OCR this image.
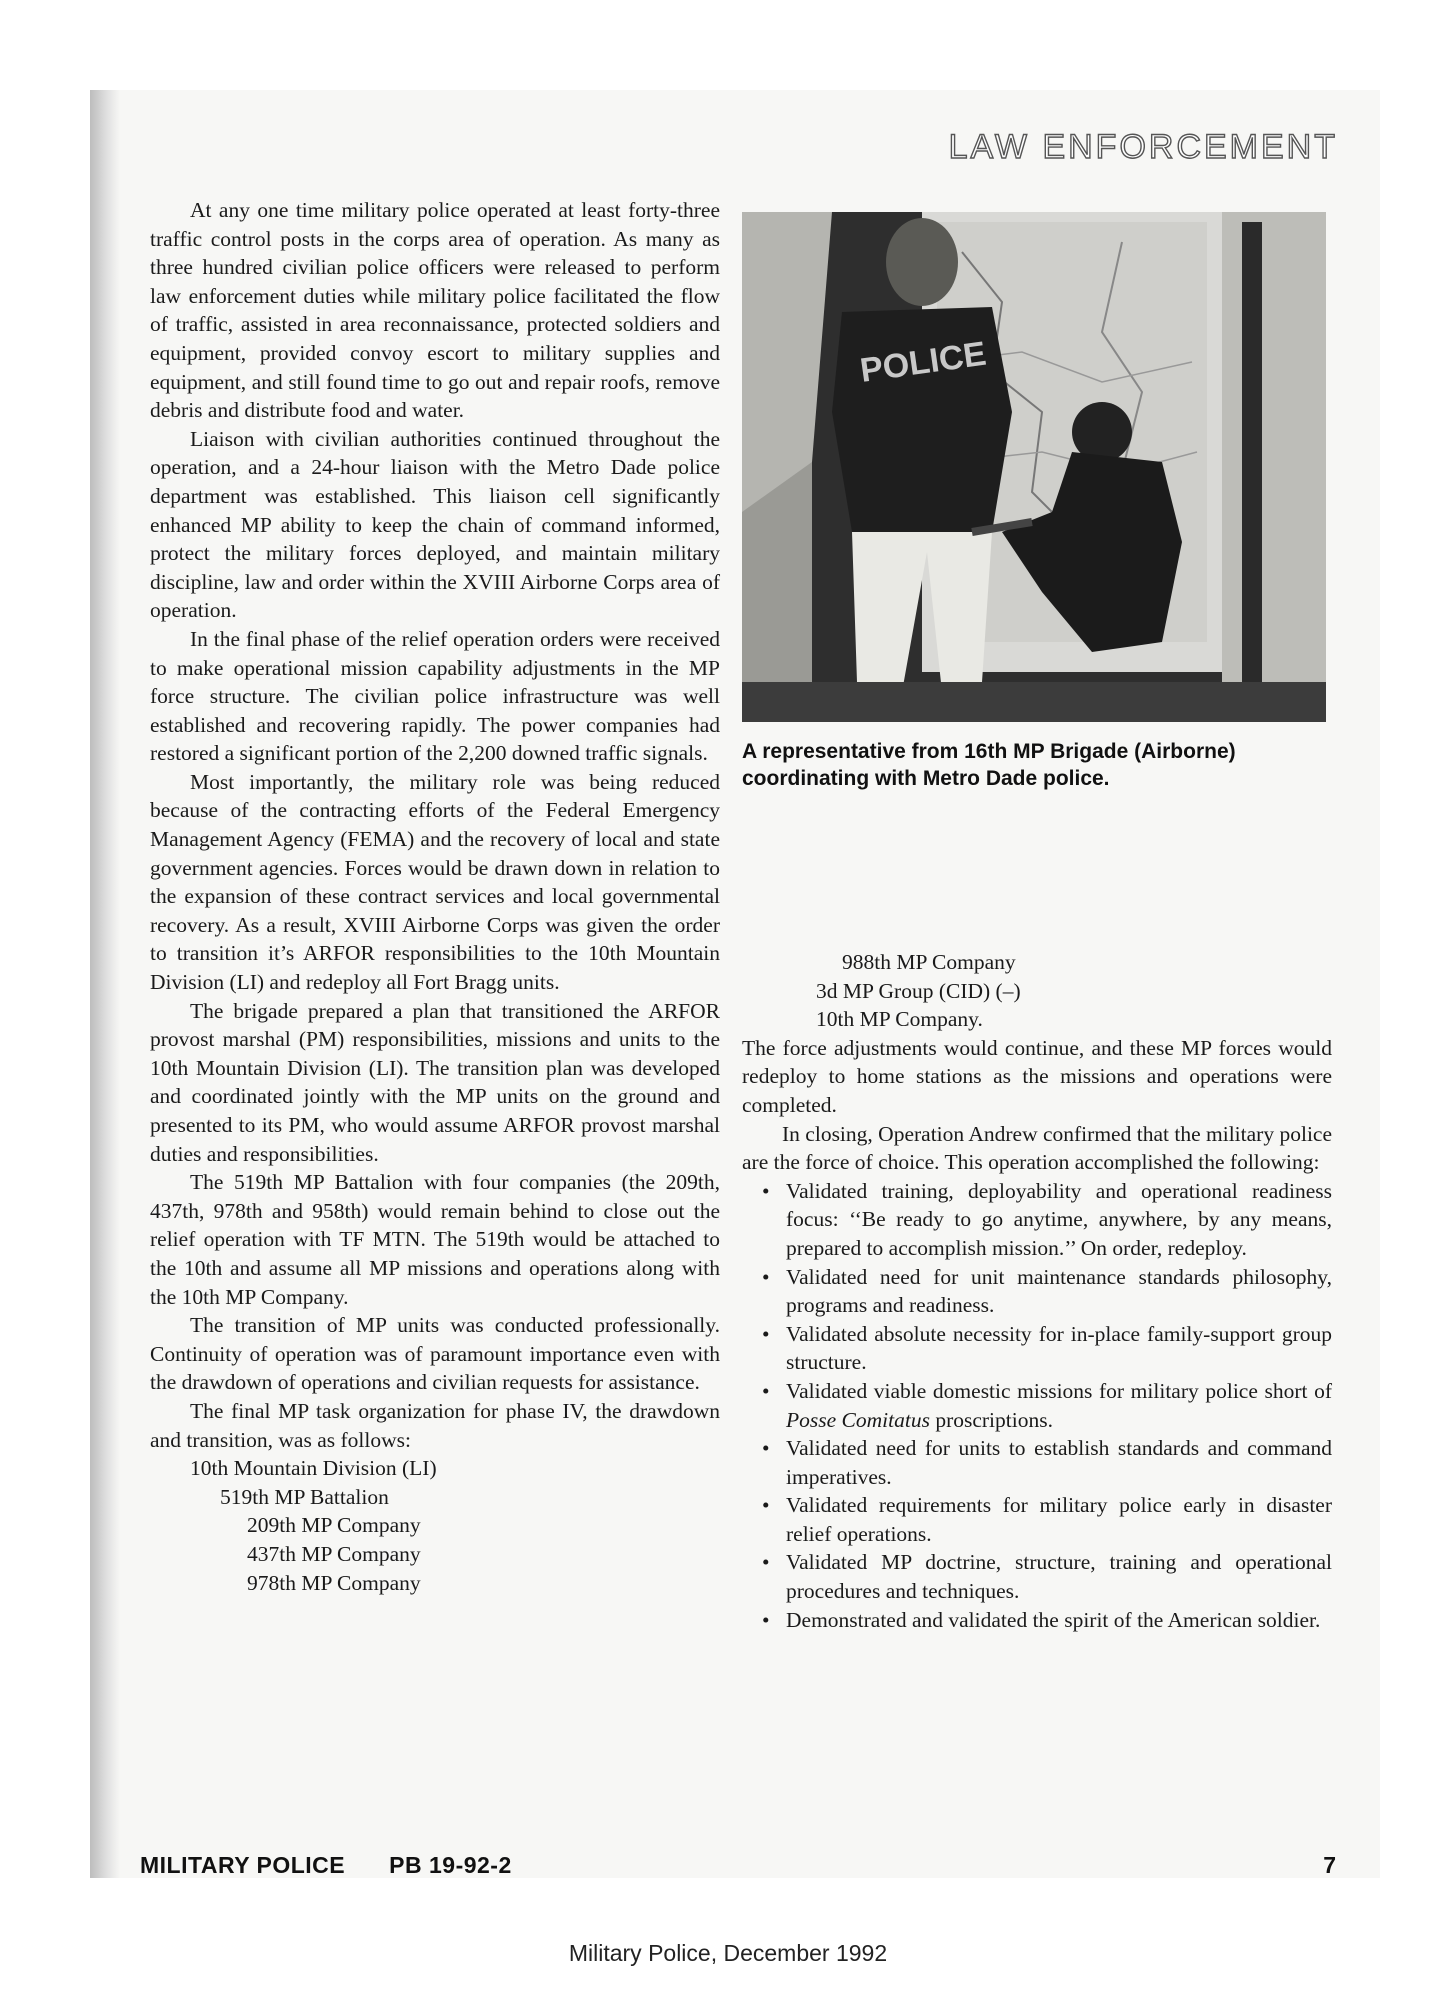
LAW ENFORCEMENT

At any one time military police operated at least forty-three traffic control posts in the corps area of operation. As many as three hundred civilian police officers were released to perform law enforcement duties while military police facilitated the flow of traffic, assisted in area reconnaissance, protected soldiers and equipment, provided convoy escort to military supplies and equipment, and still found time to go out and repair roofs, remove debris and distribute food and water.

Liaison with civilian authorities continued throughout the operation, and a 24-hour liaison with the Metro Dade police department was established. This liaison cell significantly enhanced MP ability to keep the chain of command informed, protect the military forces deployed, and maintain military discipline, law and order within the XVIII Airborne Corps area of operation.

In the final phase of the relief operation orders were received to make operational mission capability adjustments in the MP force structure. The civilian police infrastructure was well established and recovering rapidly. The power companies had restored a significant portion of the 2,200 downed traffic signals.

Most importantly, the military role was being reduced because of the contracting efforts of the Federal Emergency Management Agency (FEMA) and the recovery of local and state government agencies. Forces would be drawn down in relation to the expansion of these contract services and local governmental recovery. As a result, XVIII Airborne Corps was given the order to transition it’s ARFOR responsibilities to the 10th Mountain Division (LI) and redeploy all Fort Bragg units.

The brigade prepared a plan that transitioned the ARFOR provost marshal (PM) responsibilities, missions and units to the 10th Mountain Division (LI). The transition plan was developed and coordinated jointly with the MP units on the ground and presented to its PM, who would assume ARFOR provost marshal duties and responsibilities.

The 519th MP Battalion with four companies (the 209th, 437th, 978th and 958th) would remain behind to close out the relief operation with TF MTN. The 519th would be attached to the 10th and assume all MP missions and operations along with the 10th MP Company.

The transition of MP units was conducted professionally. Continuity of operation was of paramount importance even with the drawdown of operations and civilian requests for assistance.

The final MP task organization for phase IV, the drawdown and transition, was as follows:

10th Mountain Division (LI)
519th MP Battalion
209th MP Company
437th MP Company
978th MP Company
POLICE
A representative from 16th MP Brigade (Airborne) coordinating with Metro Dade police.
988th MP Company
3d MP Group (CID) (–)
10th MP Company.

The force adjustments would continue, and these MP forces would redeploy to home stations as the missions and operations were completed.

In closing, Operation Andrew confirmed that the military police are the force of choice. This operation accomplished the following:

• Validated training, deployability and operational readiness focus: ‘‘Be ready to go anytime, anywhere, by any means, prepared to accomplish mission.’’ On order, redeploy.
• Validated need for unit maintenance standards philosophy, programs and readiness.
• Validated absolute necessity for in-place family-support group structure.
• Validated viable domestic missions for military police short of Posse Comitatus proscriptions.
• Validated need for units to establish standards and command imperatives.
• Validated requirements for military police early in disaster relief operations.
• Validated MP doctrine, structure, training and operational procedures and techniques.
• Demonstrated and validated the spirit of the American soldier.
MILITARY POLICE PB 19-92-2	7
Military Police, December 1992
